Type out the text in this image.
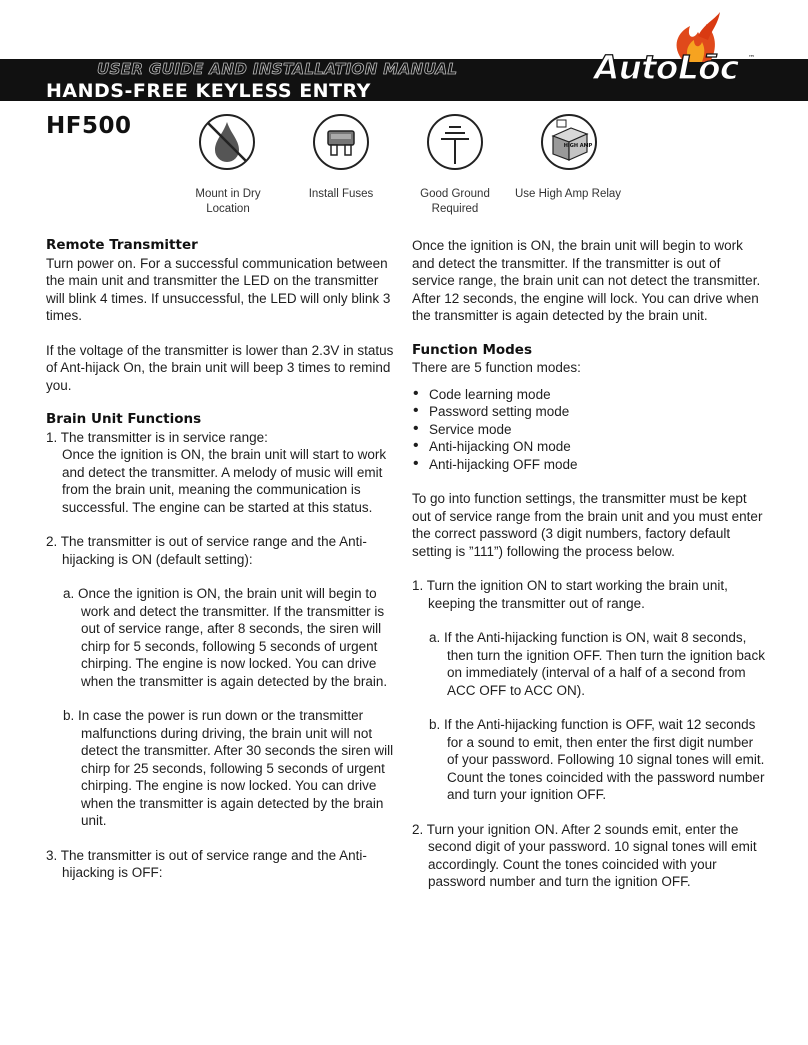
USER GUIDE AND INSTALLATION MANUAL
HANDS-FREE KEYLESS ENTRY
HF500
Auto Lōc ™
HIGH AMP
Mount in Dry Location
Install Fuses	Good Ground Required
Use High Amp Relay

Remote Transmitter

Turn power on. For a successful communication between the main unit and transmitter the LED on the transmitter will blink 4 times. If unsuccessful, the LED will only blink 3 times.

If the voltage of the transmitter is lower than 2.3V in status of Ant-hijack On, the brain unit will beep 3 times to remind you.

Brain Unit Functions

1. The transmitter is in service range:

Once the ignition is ON, the brain unit will start to work and detect the transmitter. A melody of music will emit from the brain unit, meaning the communication is successful. The engine can be started at this status.

2. The transmitter is out of service range and the Anti-hijacking is ON (default setting):

a. Once the ignition is ON, the brain unit will begin to work and detect the transmitter. If the transmitter is out of service range, after 8 seconds, the siren will chirp for 5 seconds, following 5 seconds of urgent chirping. The engine is now locked. You can drive when the transmitter is again detected by the brain.

b. In case the power is run down or the transmitter malfunctions during driving, the brain unit will not detect the transmitter. After 30 seconds the siren will chirp for 25 seconds, following 5 seconds of urgent chirping. The engine is now locked. You can drive when the transmitter is again detected by the brain unit.

3. The transmitter is out of service range and the Anti-hijacking is OFF:

Once the ignition is ON, the brain unit will begin to work and detect the transmitter. If the transmitter is out of service range, the brain unit can not detect the transmitter. After 12 seconds, the engine will lock. You can drive when the transmitter is again detected by the brain unit.

Function Modes

There are 5 function modes:

• Code learning mode
• Password setting mode
• Service mode
• Anti-hijacking ON mode
• Anti-hijacking OFF mode

To go into function settings, the transmitter must be kept out of service range from the brain unit and you must enter the correct password (3 digit numbers, factory default setting is ”111”) following the process below.

1. Turn the ignition ON to start working the brain unit, keeping the transmitter out of range.

a. If the Anti-hijacking function is ON, wait 8 seconds, then turn the ignition OFF. Then turn the ignition back on immediately (interval of a half of a second from ACC OFF to ACC ON).

b. If the Anti-hijacking function is OFF, wait 12 seconds for a sound to emit, then enter the first digit number of your password. Following 10 signal tones will emit. Count the tones coincided with the password number and turn your ignition OFF.

2. Turn your ignition ON. After 2 sounds emit, enter the second digit of your password. 10 signal tones will emit accordingly. Count the tones coincided with your password number and turn the ignition OFF.
